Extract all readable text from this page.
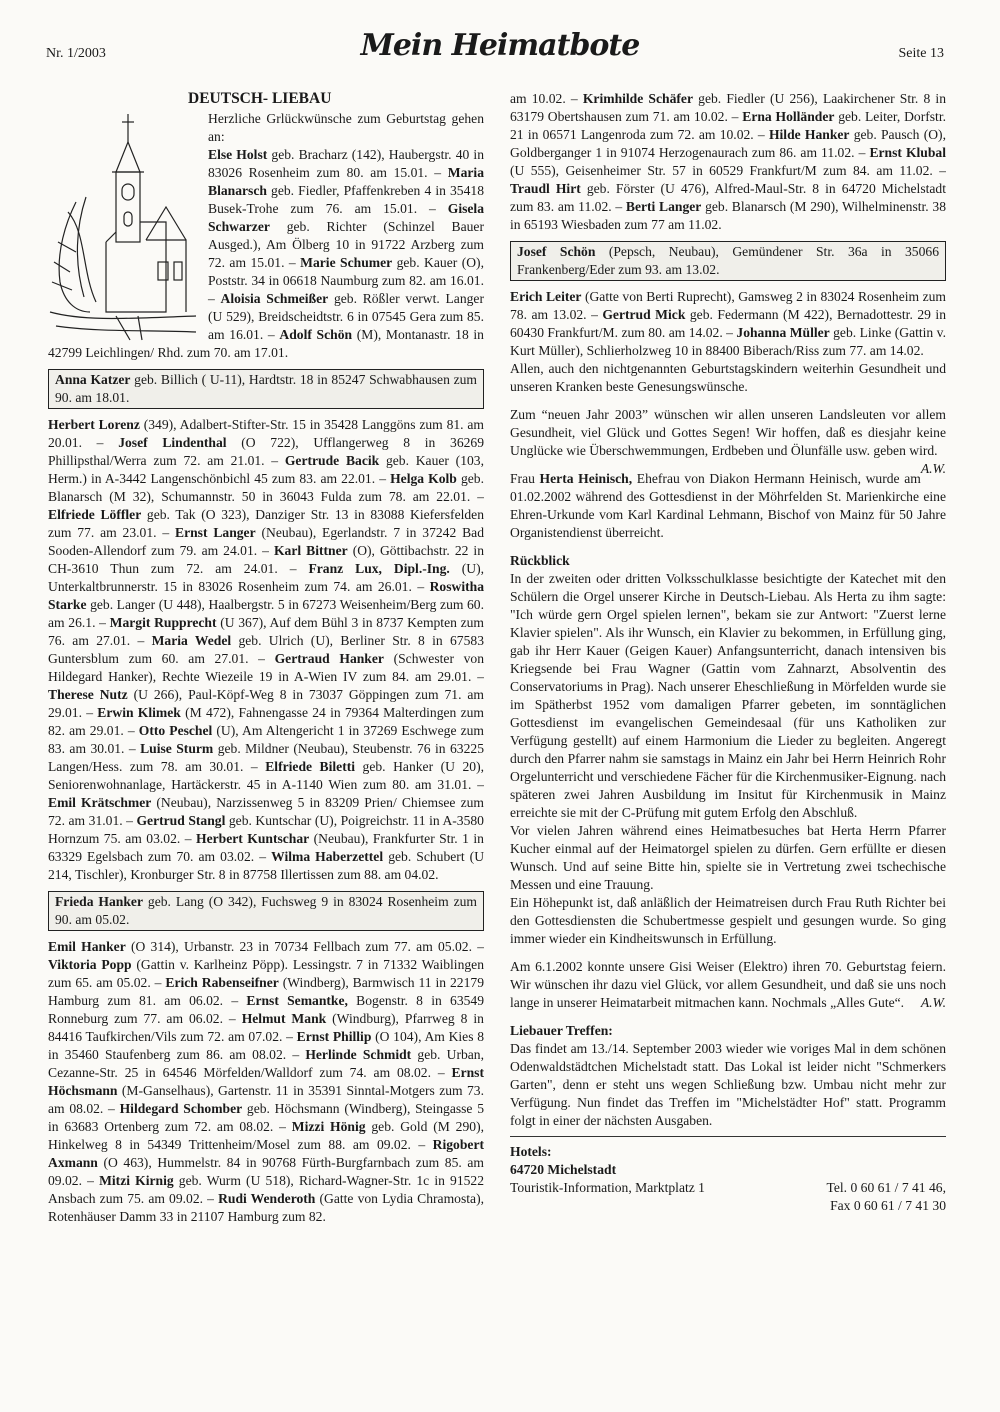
Nr. 1/2003	Mein Heimatbote	Seite 13
DEUTSCH- LIEBAU

Herzliche Grlückwünsche zum Geburtstag gehen an:

Else Holst geb. Bracharz (142), Haubergstr. 40 in 83026 Rosenheim zum 80. am 15.01. – Maria Blanarsch geb. Fiedler, Pfaffenkreben 4 in 35418 Busek-Trohe zum 76. am 15.01. – Gisela Schwarzer geb. Richter (Schinzel Bauer Ausged.), Am Ölberg 10 in 91722 Arzberg zum 72. am 15.01. – Marie Schumer geb. Kauer (O), Poststr. 34 in 06618 Naumburg zum 82. am 16.01. – Aloisia Schmeißer geb. Rößler verwt. Langer (U 529), Breidscheidtstr. 6 in 07545 Gera zum 85. am 16.01. – Adolf Schön (M), Montanastr. 18 in 42799 Leichlingen/ Rhd. zum 70. am 17.01.

Anna Katzer geb. Billich ( U-11), Hardtstr. 18 in 85247 Schwabhausen zum 90. am 18.01.

Herbert Lorenz (349), Adalbert-Stifter-Str. 15 in 35428 Langgöns zum 81. am 20.01. – Josef Lindenthal (O 722), Ufflangerweg 8 in 36269 Phillipsthal/Werra zum 72. am 21.01. – Gertrude Bacik geb. Kauer (103, Herm.) in A-3442 Langenschönbichl 45 zum 83. am 22.01. – Helga Kolb geb. Blanarsch (M 32), Schumannstr. 50 in 36043 Fulda zum 78. am 22.01. – Elfriede Löffler geb. Tak (O 323), Danziger Str. 13 in 83088 Kiefersfelden zum 77. am 23.01. – Ernst Langer (Neubau), Egerlandstr. 7 in 37242 Bad Sooden-Allendorf zum 79. am 24.01. – Karl Bittner (O), Göttibachstr. 22 in CH-3610 Thun zum 72. am 24.01. – Franz Lux, Dipl.-Ing. (U), Unterkaltbrunnerstr. 15 in 83026 Rosenheim zum 74. am 26.01. – Roswitha Starke geb. Langer (U 448), Haalbergstr. 5 in 67273 Weisenheim/Berg zum 60. am 26.1. – Margit Rupprecht (U 367), Auf dem Bühl 3 in 8737 Kempten zum 76. am 27.01. – Maria Wedel geb. Ulrich (U), Berliner Str. 8 in 67583 Guntersblum zum 60. am 27.01. – Gertraud Hanker (Schwester von Hildegard Hanker), Rechte Wiezeile 19 in A-Wien IV zum 84. am 29.01. – Therese Nutz (U 266), Paul-Köpf-Weg 8 in 73037 Göppingen zum 71. am 29.01. – Erwin Klimek (M 472), Fahnengasse 24 in 79364 Malterdingen zum 82. am 29.01. – Otto Peschel (U), Am Altengericht 1 in 37269 Eschwege zum 83. am 30.01. – Luise Sturm geb. Mildner (Neubau), Steubenstr. 76 in 63225 Langen/Hess. zum 78. am 30.01. – Elfriede Biletti geb. Hanker (U 20), Seniorenwohnanlage, Hartäckerstr. 45 in A-1140 Wien zum 80. am 31.01. – Emil Krätschmer (Neubau), Narzissenweg 5 in 83209 Prien/ Chiemsee zum 72. am 31.01. – Gertrud Stangl geb. Kuntschar (U), Poigreichstr. 11 in A-3580 Hornzum 75. am 03.02. – Herbert Kuntschar (Neubau), Frankfurter Str. 1 in 63329 Egelsbach zum 70. am 03.02. – Wilma Haberzettel geb. Schubert (U 214, Tischler), Kronburger Str. 8 in 87758 Illertissen zum 88. am 04.02.

Frieda Hanker geb. Lang (O 342), Fuchsweg 9 in 83024 Rosenheim zum 90. am 05.02.

Emil Hanker (O 314), Urbanstr. 23 in 70734 Fellbach zum 77. am 05.02. – Viktoria Popp (Gattin v. Karlheinz Pöpp). Lessingstr. 7 in 71332 Waiblingen zum 65. am 05.02. – Erich Rabenseifner (Windberg), Barmwisch 11 in 22179 Hamburg zum 81. am 06.02. – Ernst Semantke, Bogenstr. 8 in 63549 Ronneburg zum 77. am 06.02. – Helmut Mank (Windburg), Pfarrweg 8 in 84416 Taufkirchen/Vils zum 72. am 07.02. – Ernst Phillip (O 104), Am Kies 8 in 35460 Staufenberg zum 86. am 08.02. – Herlinde Schmidt geb. Urban, Cezanne-Str. 25 in 64546 Mörfelden/Walldorf zum 74. am 08.02. – Ernst Höchsmann (M-Ganselhaus), Gartenstr. 11 in 35391 Sinntal-Motgers zum 73. am 08.02. – Hildegard Schomber geb. Höchsmann (Windberg), Steingasse 5 in 63683 Ortenberg zum 72. am 08.02. – Mizzi Hönig geb. Gold (M 290), Hinkelweg 8 in 54349 Trittenheim/Mosel zum 88. am 09.02. – Rigobert Axmann (O 463), Hummelstr. 84 in 90768 Fürth-Burgfarnbach zum 85. am 09.02. – Mitzi Kirnig geb. Wurm (U 518), Richard-Wagner-Str. 1c in 91522 Ansbach zum 75. am 09.02. – Rudi Wenderoth (Gatte von Lydia Chramosta), Rotenhäuser Damm 33 in 21107 Hamburg zum 82.

am 10.02. – Krimhilde Schäfer geb. Fiedler (U 256), Laakirchener Str. 8 in 63179 Obertshausen zum 71. am 10.02. – Erna Holländer geb. Leiter, Dorfstr. 21 in 06571 Langenroda zum 72. am 10.02. – Hilde Hanker geb. Pausch (O), Goldberganger 1 in 91074 Herzogenaurach zum 86. am 11.02. – Ernst Klubal (U 555), Geisenheimer Str. 57 in 60529 Frankfurt/M zum 84. am 11.02. – Traudl Hirt geb. Förster (U 476), Alfred-Maul-Str. 8 in 64720 Michelstadt zum 83. am 11.02. – Berti Langer geb. Blanarsch (M 290), Wilhelminenstr. 38 in 65193 Wiesbaden zum 77 am 11.02.

Josef Schön (Pepsch, Neubau), Gemündener Str. 36a in 35066 Frankenberg/Eder zum 93. am 13.02.

Erich Leiter (Gatte von Berti Ruprecht), Gamsweg 2 in 83024 Rosenheim zum 78. am 13.02. – Gertrud Mick geb. Federmann (M 422), Bernadottestr. 29 in 60430 Frankfurt/M. zum 80. am 14.02. – Johanna Müller geb. Linke (Gattin v. Kurt Müller), Schlierholzweg 10 in 88400 Biberach/Riss zum 77. am 14.02.

Allen, auch den nichtgenannten Geburtstagskindern weiterhin Gesundheit und unseren Kranken beste Genesungswünsche.

Zum “neuen Jahr 2003” wünschen wir allen unseren Landsleuten vor allem Gesundheit, viel Glück und Gottes Segen! Wir hoffen, daß es diesjahr keine Unglücke wie Überschwemmungen, Erdbeben und Ölunfälle usw. geben wird.
A.W.

Frau Herta Heinisch, Ehefrau von Diakon Hermann Heinisch, wurde am 01.02.2002 während des Gottesdienst in der Möhrfelden St. Marienkirche eine Ehren-Urkunde vom Karl Kardinal Lehmann, Bischof von Mainz für 50 Jahre Organistendienst überreicht.

Rückblick

In der zweiten oder dritten Volksschulklasse besichtigte der Katechet mit den Schülern die Orgel unserer Kirche in Deutsch-Liebau. Als Herta zu ihm sagte: "Ich würde gern Orgel spielen lernen", bekam sie zur Antwort: "Zuerst lerne Klavier spielen". Als ihr Wunsch, ein Klavier zu bekommen, in Erfüllung ging, gab ihr Herr Kauer (Geigen Kauer) Anfangsunterricht, danach intensiven bis Kriegsende bei Frau Wagner (Gattin vom Zahnarzt, Absolventin des Conservatoriums in Prag). Nach unserer Eheschließung in Mörfelden wurde sie im Spätherbst 1952 vom damaligen Pfarrer gebeten, im sonntäglichen Gottesdienst im evangelischen Gemeindesaal (für uns Katholiken zur Verfügung gestellt) auf einem Harmonium die Lieder zu begleiten. Angeregt durch den Pfarrer nahm sie samstags in Mainz ein Jahr bei Herrn Heinrich Rohr Orgelunterricht und verschiedene Fächer für die Kirchenmusiker-Eignung. nach späteren zwei Jahren Ausbildung im Insitut für Kirchenmusik in Mainz erreichte sie mit der C-Prüfung mit gutem Erfolg den Abschluß.

Vor vielen Jahren während eines Heimatbesuches bat Herta Herrn Pfarrer Kucher einmal auf der Heimatorgel spielen zu dürfen. Gern erfüllte er diesen Wunsch. Und auf seine Bitte hin, spielte sie in Vertretung zwei tschechische Messen und eine Trauung.

Ein Höhepunkt ist, daß anläßlich der Heimatreisen durch Frau Ruth Richter bei den Gottesdiensten die Schubertmesse gespielt und gesungen wurde. So ging immer wieder ein Kindheitswunsch in Erfüllung.

Am 6.1.2002 konnte unsere Gisi Weiser (Elektro) ihren 70. Geburtstag feiern. Wir wünschen ihr dazu viel Glück, vor allem Gesundheit, und daß sie uns noch lange in unserer Heimatarbeit mitmachen kann. Nochmals „Alles Gute“. A.W.

Liebauer Treffen:

Das findet am 13./14. September 2003 wieder wie voriges Mal in dem schönen Odenwaldstädtchen Michelstadt statt. Das Lokal ist leider nicht "Schmerkers Garten", denn er steht uns wegen Schließung bzw. Umbau nicht mehr zur Verfügung. Nun findet das Treffen im "Michelstädter Hof" statt. Programm folgt in einer der nächsten Ausgaben.

Hotels:
64720 Michelstadt
Touristik-Information, Marktplatz 1	Tel. 0 60 61 / 7 41 46,
Fax 0 60 61 / 7 41 30
